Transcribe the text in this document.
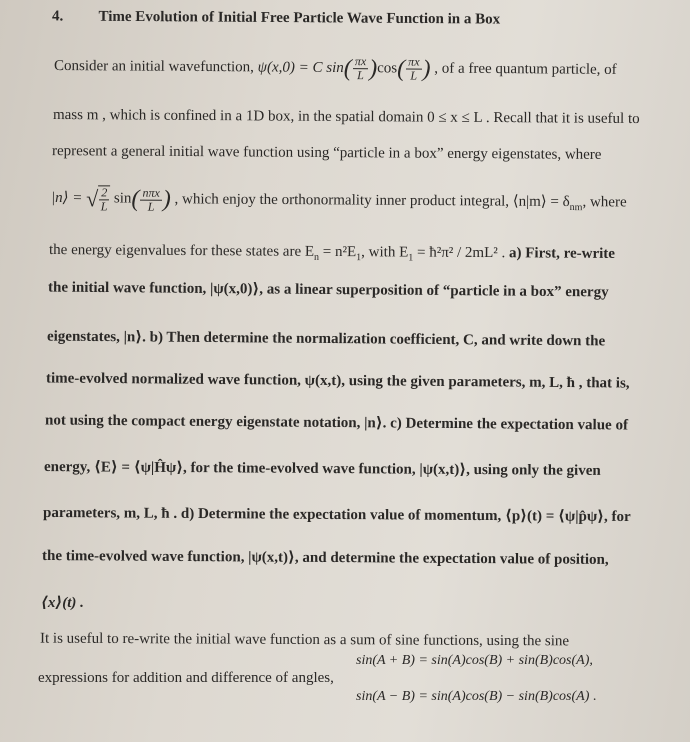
4. Time Evolution of Initial Free Particle Wave Function in a Box
Consider an initial wavefunction, ψ(x,0) = C $\sin( \frac{\pi x}{L} )\cos( \frac{\pi x}{L}$ ) , of a free quantum particle, of
mass m , which is confined in a 1D box, in the spatial domain 0 ≤ x ≤ L . Recall that it is useful to
represent a general initial wave function using “particle in a box” energy eigenstates, where
|n⟩ = √ $\frac{2}{L} \sin( \frac{\text{nπx}}{L}$ ) , which enjoy the orthonormality inner product integral, ⟨n|m⟩ = $\delta_{nm}$, where
the energy eigenvalues for these states are $E_n = n^2E_1$, with $E_1$ = ħ²π² / 2mL² . a) First, re-write
the initial wave function, |ψ(x,0)⟩, as a linear superposition of “particle in a box” energy
eigenstates, |n⟩. b) Then determine the normalization coefficient, C, and write down the
time-evolved normalized wave function, ψ(x,t), using the given parameters, m, L, ħ , that is,
not using the compact energy eigenstate notation, |n⟩. c) Determine the expectation value of
energy, ⟨E⟩ = ⟨ψ|Ĥψ⟩, for the time-evolved wave function, |ψ(x,t)⟩, using only the given
parameters, m, L, ħ . d) Determine the expectation value of momentum, ⟨p⟩(t) = ⟨ψ|p̂ψ⟩, for
the time-evolved wave function, |ψ(x,t)⟩, and determine the expectation value of position,
⟨x⟩(t) .
It is useful to re-write the initial wave function as a sum of sine functions, using the sine
expressions for addition and difference of angles,
sin(A + B) = sin(A)cos(B) + sin(B)cos(A),
sin(A − B) = sin(A)cos(B) − sin(B)cos(A) .
